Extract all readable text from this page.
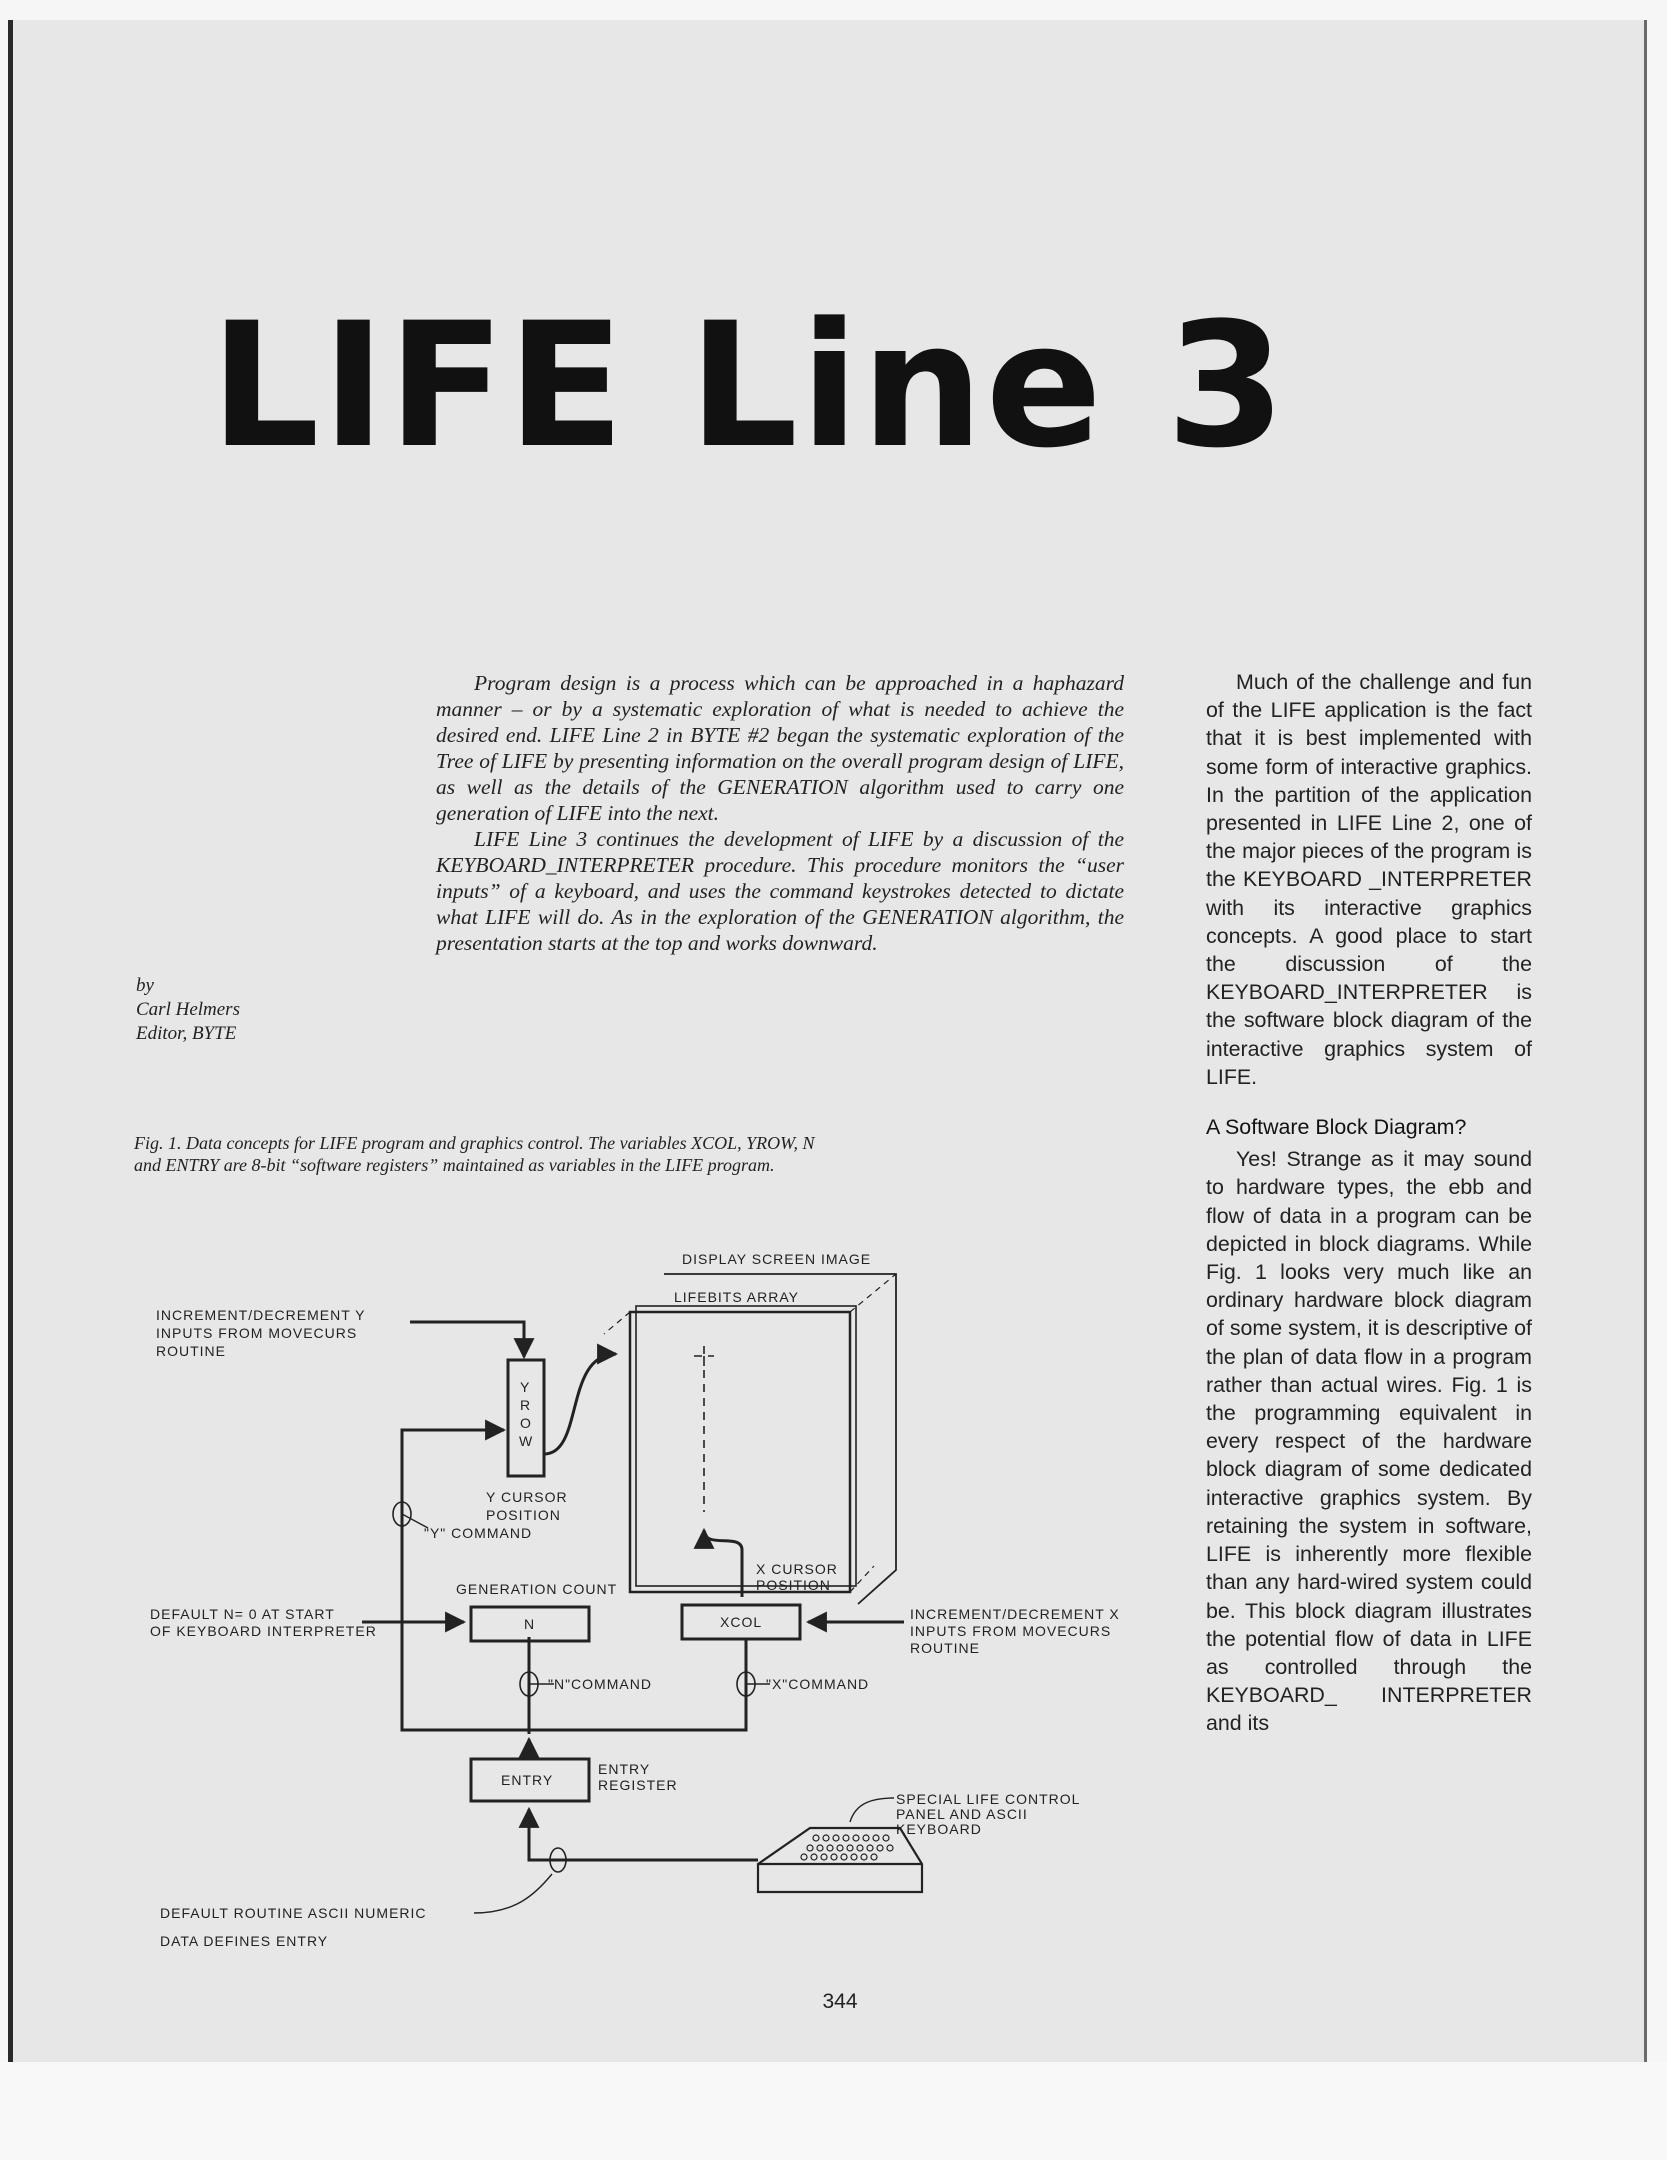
LIFE Line 3

Program design is a process which can be approached in a haphazard manner – or by a systematic exploration of what is needed to achieve the desired end. LIFE Line 2 in BYTE #2 began the systematic exploration of the Tree of LIFE by presenting information on the overall program design of LIFE, as well as the details of the GENERATION algorithm used to carry one generation of LIFE into the next.

LIFE Line 3 continues the development of LIFE by a discussion of the KEYBOARD_INTERPRETER procedure. This procedure monitors the “user inputs” of a keyboard, and uses the command keystrokes detected to dictate what LIFE will do. As in the exploration of the GENERATION algorithm, the presentation starts at the top and works downward.

by
Carl Helmers
Editor, BYTE
Fig. 1. Data concepts for LIFE program and graphics control. The variables XCOL, YROW, N and ENTRY are 8-bit “software registers” maintained as variables in the LIFE program.

Much of the challenge and fun of the LIFE application is the fact that it is best implemented with some form of interactive graphics. In the partition of the application presented in LIFE Line 2, one of the major pieces of the program is the KEYBOARD _INTERPRETER with its interactive graphics concepts. A good place to start the discussion of the KEYBOARD_INTERPRETER is the software block diagram of the interactive graphics system of LIFE.

A Software Block Diagram?

Yes! Strange as it may sound to hardware types, the ebb and flow of data in a program can be depicted in block diagrams. While Fig. 1 looks very much like an ordinary hardware block diagram of some system, it is descriptive of the plan of data flow in a program rather than actual wires. Fig. 1 is the programming equivalent in every respect of the hardware block diagram of some dedicated interactive graphics system. By retaining the system in software, LIFE is inherently more flexible than any hard-wired system could be. This block diagram illustrates the potential flow of data in LIFE as controlled through the KEYBOARD_ INTERPRETER and its

DISPLAY SCREEN IMAGE
LIFEBITS ARRAY
INCREMENT/DECREMENT Y
INPUTS FROM MOVECURS
ROUTINE
Y
R
O
W
Y CURSOR
POSITION
"Y" COMMAND
GENERATION COUNT
X CURSOR
POSITION
DEFAULT N= 0 AT START
OF KEYBOARD INTERPRETER	N	XCOL	INCREMENT/DECREMENT X
INPUTS FROM MOVECURS
ROUTINE
"N"COMMAND	"X"COMMAND
ENTRY
ENTRY
REGISTER
SPECIAL LIFE CONTROL
PANEL AND ASCII
KEYBOARD
DEFAULT ROUTINE ASCII NUMERIC
DATA DEFINES ENTRY
344
